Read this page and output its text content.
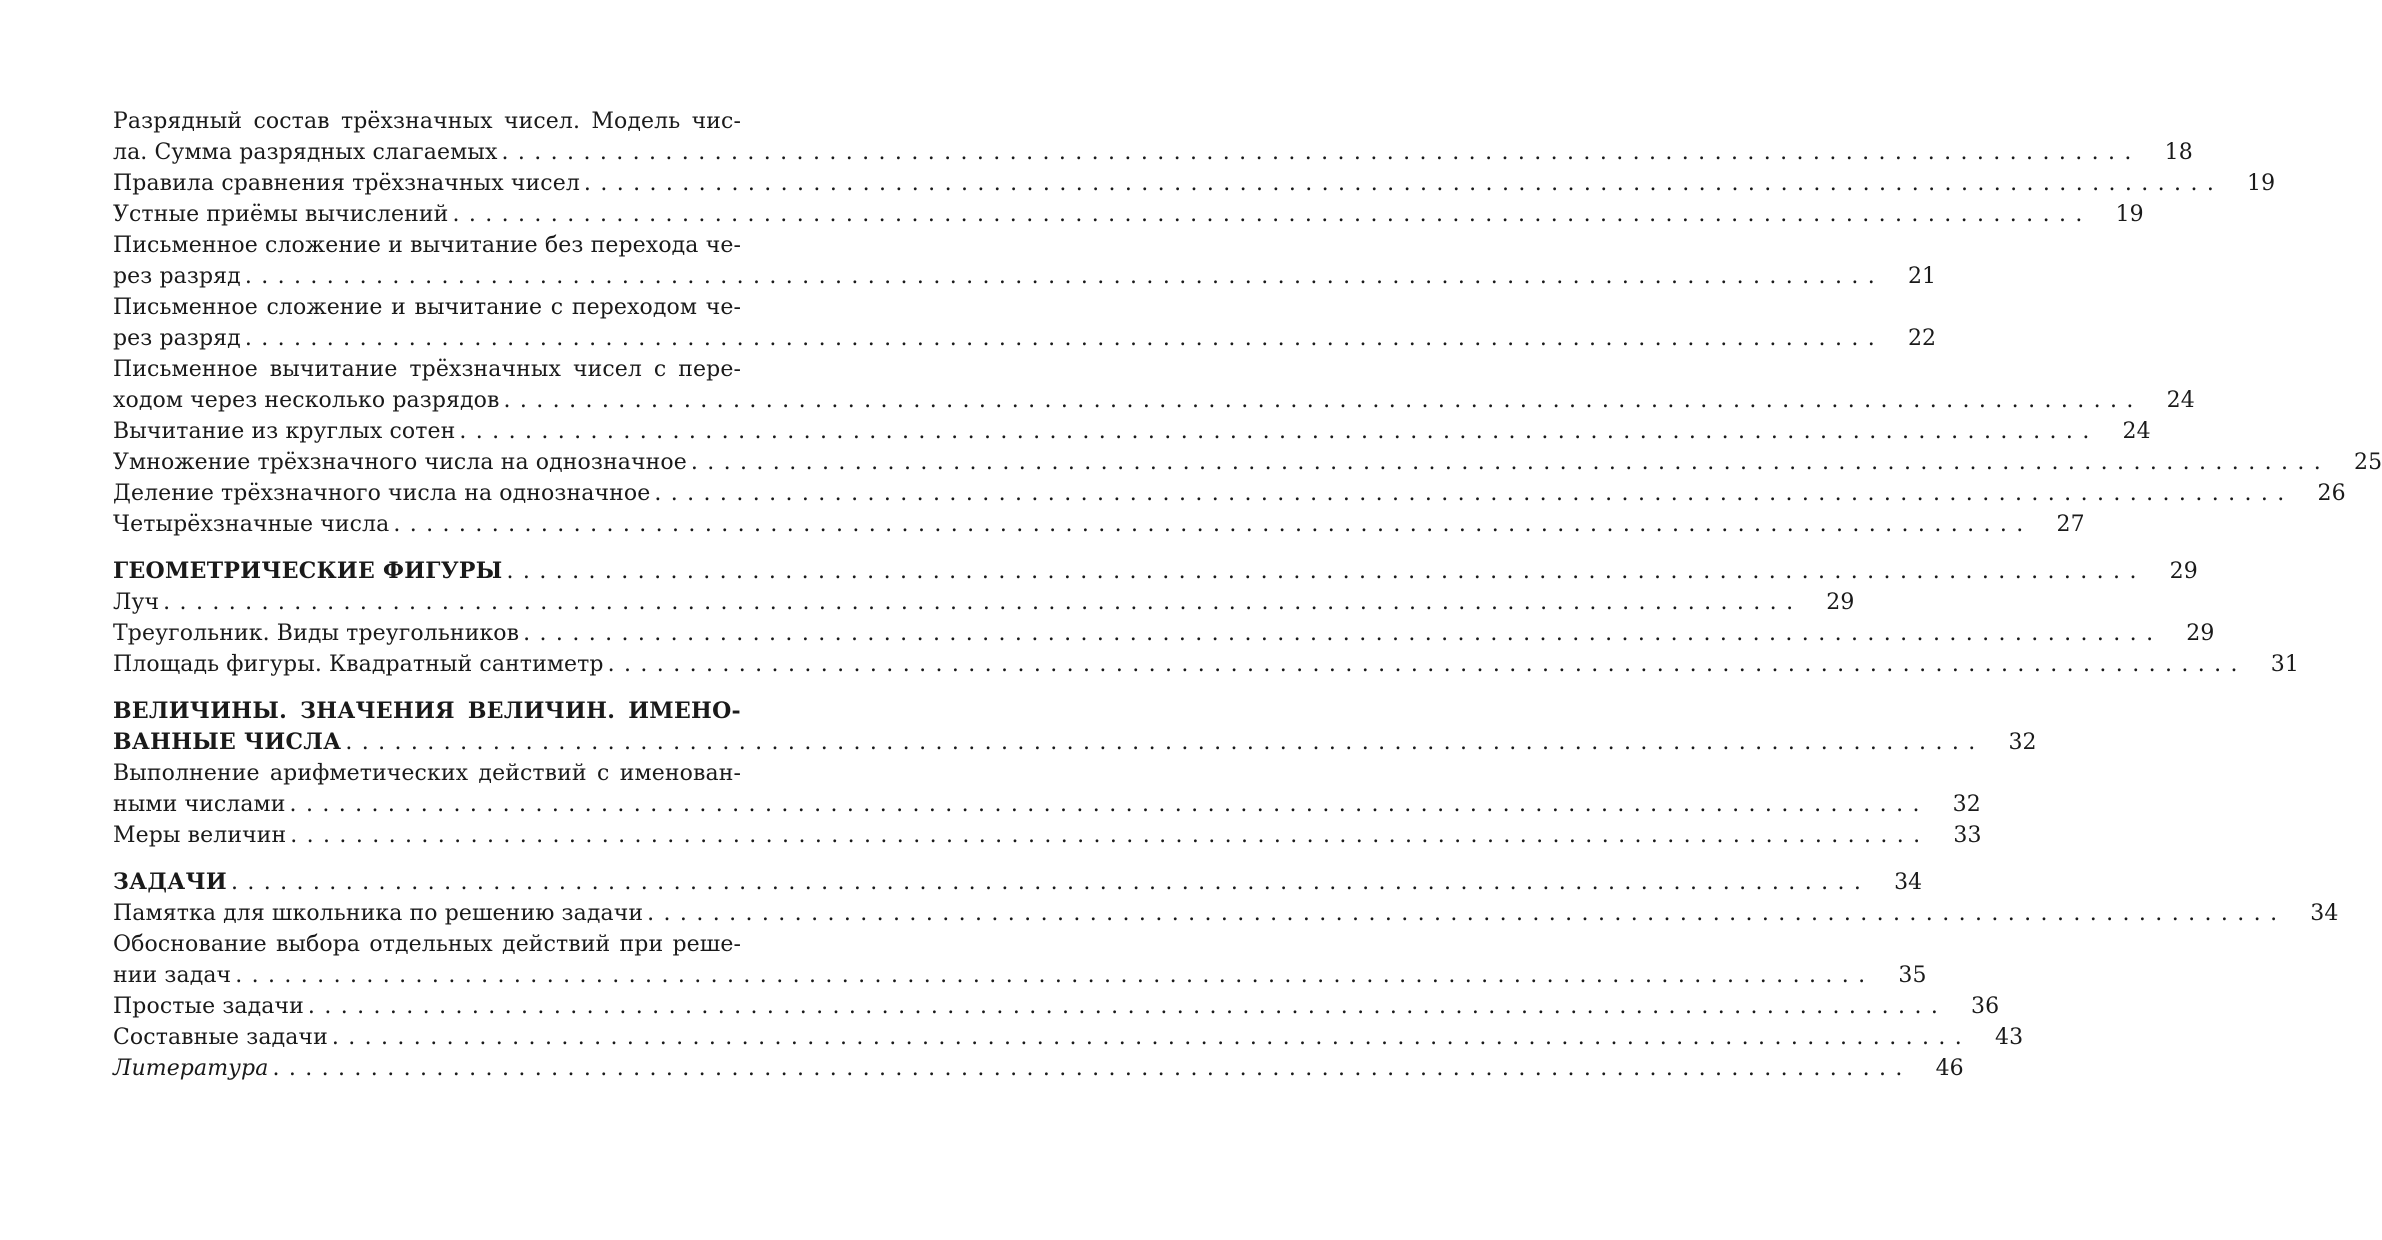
Разрядный состав трёхзначных чисел. Модель чис-
ла. Сумма разрядных слагаемых ....................................................................................................	18
Правила сравнения трёхзначных чисел ....................................................................................................	19
Устные приёмы вычислений ....................................................................................................	19
Письменное сложение и вычитание без перехода че-
рез разряд ....................................................................................................	21
Письменное сложение и вычитание с переходом че-
рез разряд ....................................................................................................	22
Письменное вычитание трёхзначных чисел с пере-
ходом через несколько разрядов ....................................................................................................	24
Вычитание из круглых сотен ....................................................................................................	24
Умножение трёхзначного числа на однозначное ....................................................................................................	25
Деление трёхзначного числа на однозначное ....................................................................................................	26
Четырёхзначные числа ....................................................................................................	27
ГЕОМЕТРИЧЕСКИЕ ФИГУРЫ ....................................................................................................	29
Луч ....................................................................................................	29
Треугольник. Виды треугольников ....................................................................................................	29
Площадь фигуры. Квадратный сантиметр ....................................................................................................	31
ВЕЛИЧИНЫ. ЗНАЧЕНИЯ ВЕЛИЧИН. ИМЕНО-
ВАННЫЕ ЧИСЛА ....................................................................................................	32
Выполнение арифметических действий с именован-
ными числами ....................................................................................................	32
Меры величин ....................................................................................................	33
ЗАДАЧИ ....................................................................................................	34
Памятка для школьника по решению задачи ....................................................................................................	34
Обоснование выбора отдельных действий при реше-
нии задач ....................................................................................................	35
Простые задачи ....................................................................................................	36
Составные задачи ....................................................................................................	43
Литература ....................................................................................................	46
